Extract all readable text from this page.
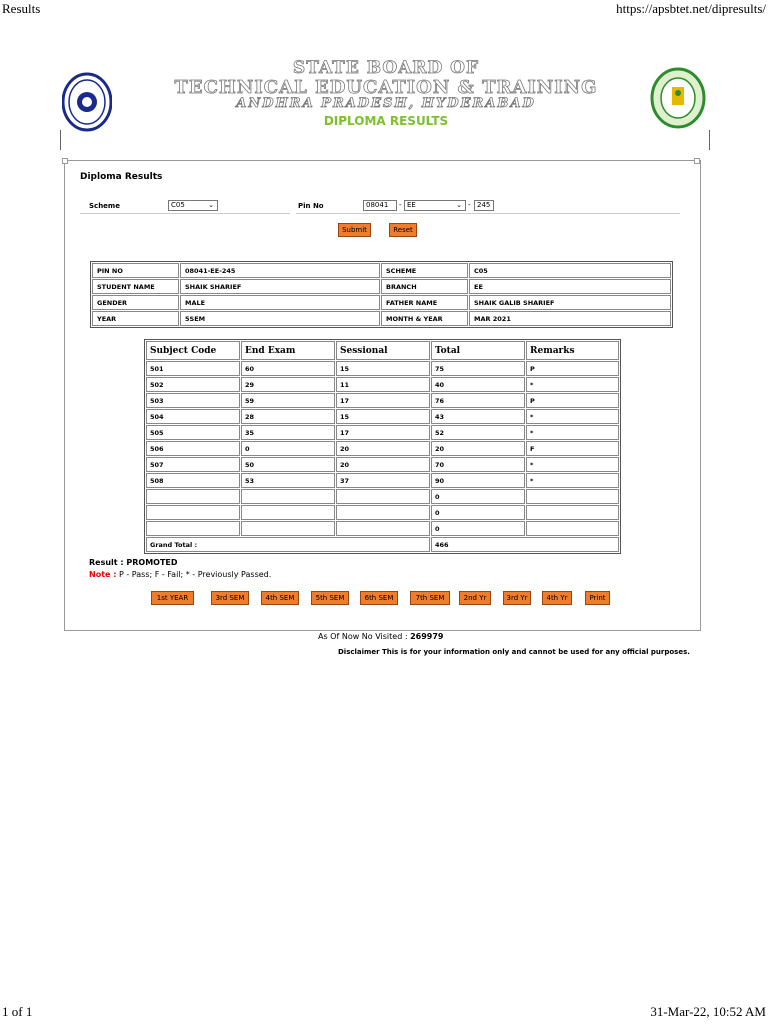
Results	https://apsbtet.net/dipresults/
1 of 1	31-Mar-22, 10:52 AM
STATE BOARD OF
TECHNICAL EDUCATION & TRAINING
ANDHRA PRADESH, HYDERABAD
DIPLOMA RESULTS
Diploma Results
Scheme	C05	⌄	Pin No	08041	- EE	⌄ - 245
Submit	Reset
PIN NO	08041-EE-245	SCHEME	C05
STUDENT NAME	SHAIK SHARIEF	BRANCH	EE
GENDER	MALE	FATHER NAME	SHAIK GALIB SHARIEF
YEAR	5SEM	MONTH & YEAR	MAR 2021
Subject Code	End Exam	Sessional	Total	Remarks
501	60	15	75	P
502	29	11	40	*
503	59	17	76	P
504	28	15	43	*
505	35	17	52	*
506	0	20	20	F
507	50	20	70	*
508	53	37	90	*
			0	
			0	
			0	
Grand Total :			466	
Result : PROMOTED
Note : P - Pass; F - Fail; * - Previously Passed.
1st YEAR	3rd SEM	4th SEM	5th SEM	6th SEM	7th SEM	2nd Yr	3rd Yr	4th Yr	Print
As Of Now No Visited : 269979
Disclaimer This is for your information only and cannot be used for any official purposes.
